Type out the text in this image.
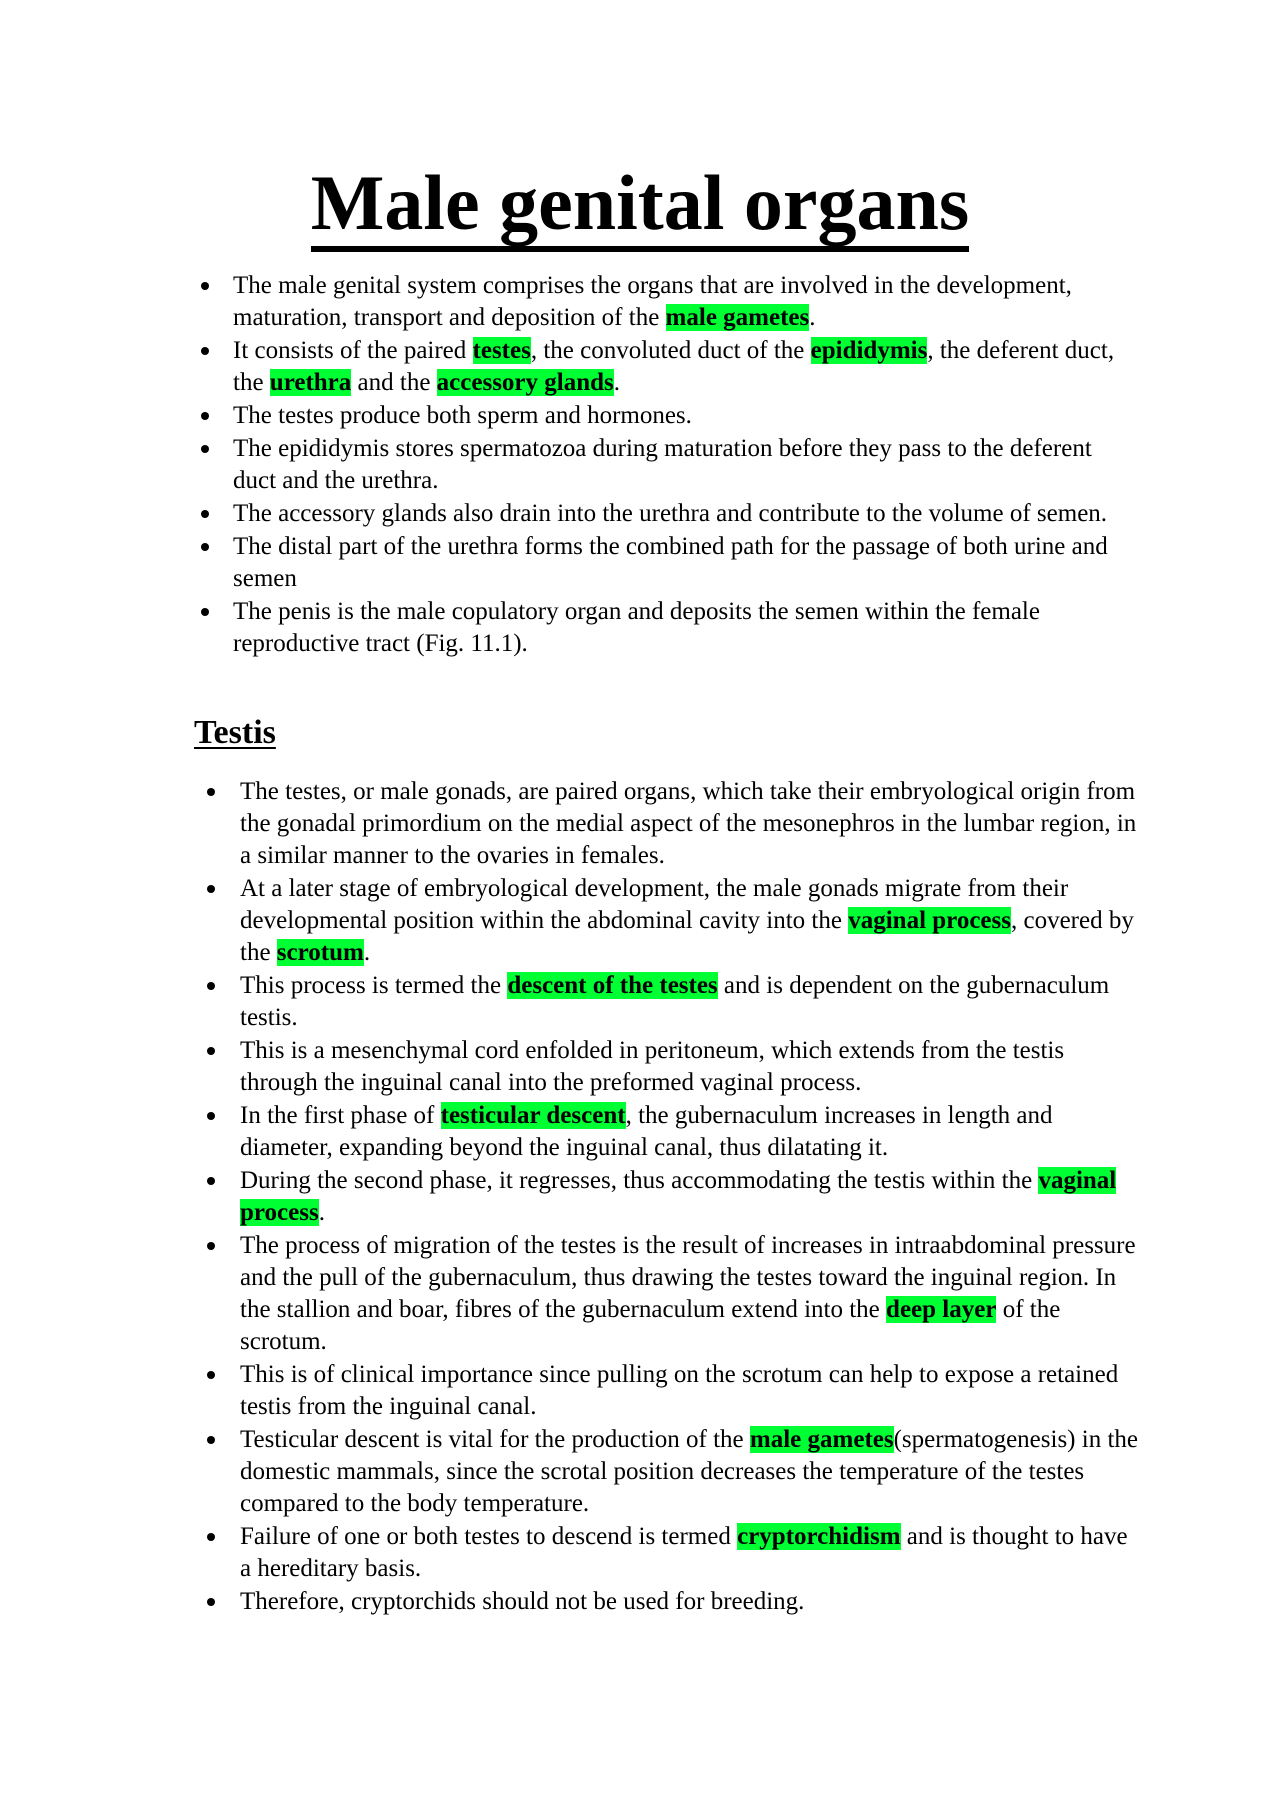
Male genital organs
The male genital system comprises the organs that are involved in the development, maturation, transport and deposition of the male gametes.
It consists of the paired testes, the convoluted duct of the epididymis, the deferent duct, the urethra and the accessory glands.
The testes produce both sperm and hormones.
The epididymis stores spermatozoa during maturation before they pass to the deferent duct and the urethra.
The accessory glands also drain into the urethra and contribute to the volume of semen.
The distal part of the urethra forms the combined path for the passage of both urine and semen
The penis is the male copulatory organ and deposits the semen within the female reproductive tract (Fig. 11.1).
Testis
The testes, or male gonads, are paired organs, which take their embryological origin from the gonadal primordium on the medial aspect of the mesonephros in the lumbar region, in a similar manner to the ovaries in females.
At a later stage of embryological development, the male gonads migrate from their developmental position within the abdominal cavity into the vaginal process, covered by the scrotum.
This process is termed the descent of the testes and is dependent on the gubernaculum testis.
This is a mesenchymal cord enfolded in peritoneum, which extends from the testis through the inguinal canal into the preformed vaginal process.
In the first phase of testicular descent, the gubernaculum increases in length and diameter, expanding beyond the inguinal canal, thus dilatating it.
During the second phase, it regresses, thus accommodating the testis within the vaginal process.
The process of migration of the testes is the result of increases in intraabdominal pressure and the pull of the gubernaculum, thus drawing the testes toward the inguinal region. In the stallion and boar, fibres of the gubernaculum extend into the deep layer of the scrotum.
This is of clinical importance since pulling on the scrotum can help to expose a retained testis from the inguinal canal.
Testicular descent is vital for the production of the male gametes(spermatogenesis) in the domestic mammals, since the scrotal position decreases the temperature of the testes compared to the body temperature.
Failure of one or both testes to descend is termed cryptorchidism and is thought to have a hereditary basis.
Therefore, cryptorchids should not be used for breeding.
